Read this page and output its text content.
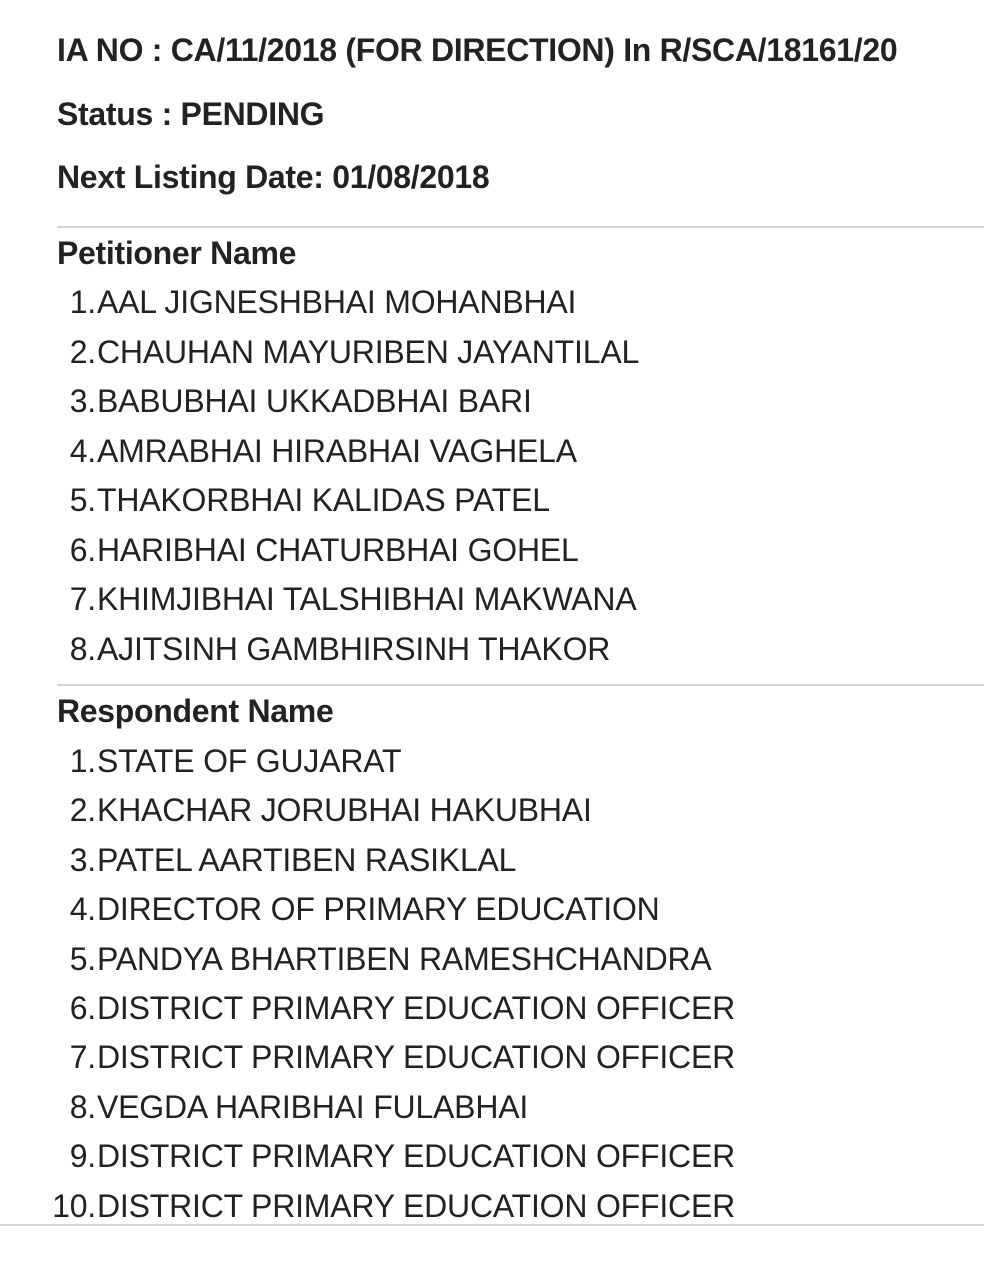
IA NO : CA/11/2018 (FOR DIRECTION) In R/SCA/18161/20
Status : PENDING
Next Listing Date: 01/08/2018
Petitioner Name
1. AAL JIGNESHBHAI MOHANBHAI
2. CHAUHAN MAYURIBEN JAYANTILAL
3. BABUBHAI UKKADBHAI BARI
4. AMRABHAI HIRABHAI VAGHELA
5. THAKORBHAI KALIDAS PATEL
6. HARIBHAI CHATURBHAI GOHEL
7. KHIMJIBHAI TALSHIBHAI MAKWANA
8. AJITSINH GAMBHIRSINH THAKOR
Respondent Name
1. STATE OF GUJARAT
2. KHACHAR JORUBHAI HAKUBHAI
3. PATEL AARTIBEN RASIKLAL
4. DIRECTOR OF PRIMARY EDUCATION
5. PANDYA BHARTIBEN RAMESHCHANDRA
6. DISTRICT PRIMARY EDUCATION OFFICER
7. DISTRICT PRIMARY EDUCATION OFFICER
8. VEGDA HARIBHAI FULABHAI
9. DISTRICT PRIMARY EDUCATION OFFICER
10. DISTRICT PRIMARY EDUCATION OFFICER
